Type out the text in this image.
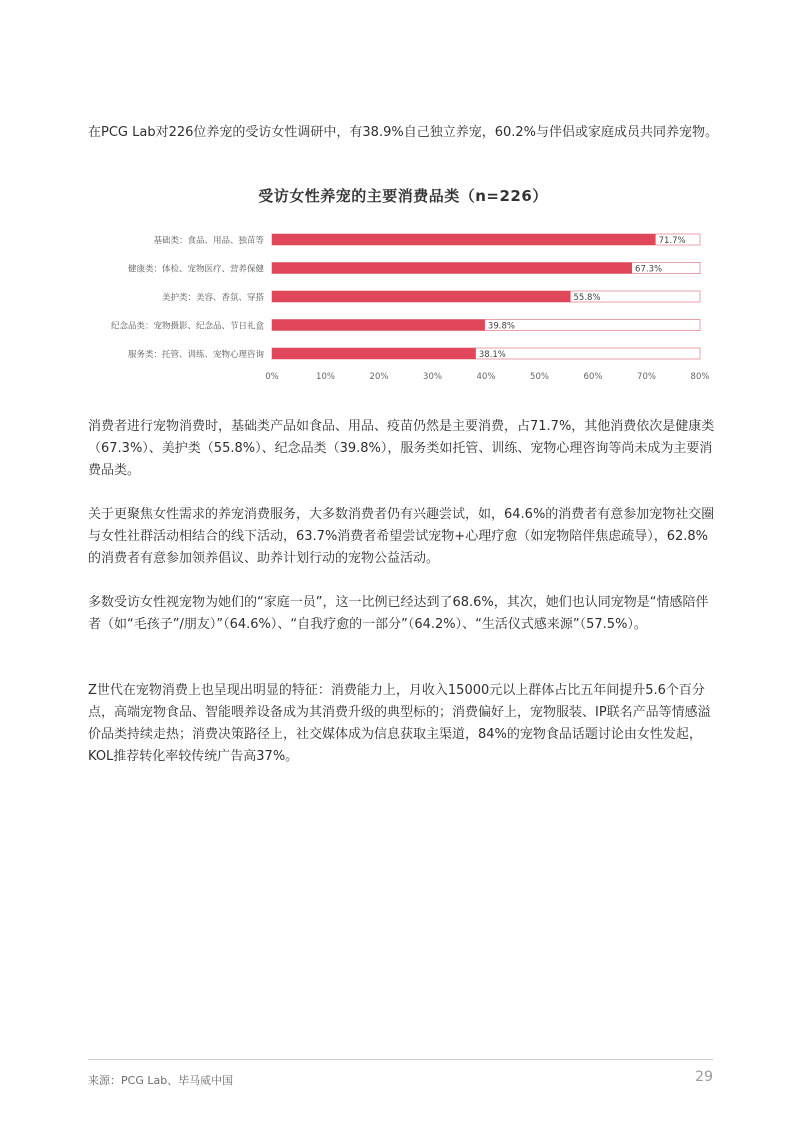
在PCG Lab对226位养宠的受访女性调研中，有38.9%自己独立养宠，60.2%与伴侣或家庭成员共同养宠物。

受访女性养宠的主要消费品类（n=226）
基础类：食品、用品、独苗等	71.7%
健康类：体检、宠物医疗、营养保健	67.3%
美护类：美容、香氛、穿搭	55.8%
纪念品类：宠物摄影、纪念品、节日礼盒	39.8%
服务类：托管、训练、宠物心理咨询	38.1%
0%	10%	20%	30%	40%	50%	60%	70%	80%

消费者进行宠物消费时，基础类产品如食品、用品、疫苗仍然是主要消费，占71.7%，其他消费依次是健康类（67.3%）、美护类（55.8%）、纪念品类（39.8%），服务类如托管、训练、宠物心理咨询等尚未成为主要消费品类。

关于更聚焦女性需求的养宠消费服务，大多数消费者仍有兴趣尝试，如，64.6%的消费者有意参加宠物社交圈与女性社群活动相结合的线下活动，63.7%消费者希望尝试宠物+心理疗愈（如宠物陪伴焦虑疏导），62.8%的消费者有意参加领养倡议、助养计划行动的宠物公益活动。

多数受访女性视宠物为她们的“家庭一员”，这一比例已经达到了68.6%，其次，她们也认同宠物是“情感陪伴者（如“毛孩子”/朋友）”（64.6%）、“自我疗愈的一部分”（64.2%）、“生活仪式感来源”（57.5%）。

Z世代在宠物消费上也呈现出明显的特征：消费能力上，月收入15000元以上群体占比五年间提升5.6个百分点，高端宠物食品、智能喂养设备成为其消费升级的典型标的；消费偏好上，宠物服装、IP联名产品等情感溢价品类持续走热；消费决策路径上，社交媒体成为信息获取主渠道，84%的宠物食品话题讨论由女性发起，KOL推荐转化率较传统广告高37%。

来源：PCG Lab、毕马威中国	29
